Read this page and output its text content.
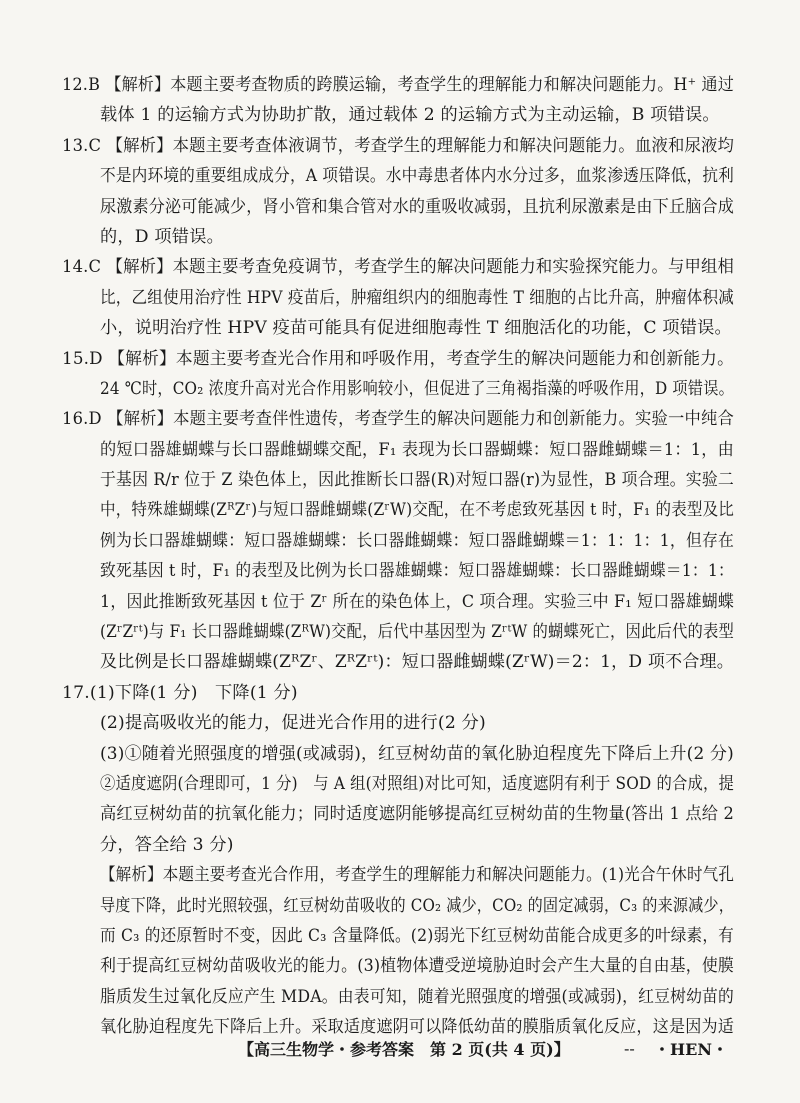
12.B 【解析】本题主要考查物质的跨膜运输，考查学生的理解能力和解决问题能力。H⁺ 通过
载体 1 的运输方式为协助扩散，通过载体 2 的运输方式为主动运输，B 项错误。
13.C 【解析】本题主要考查体液调节，考查学生的理解能力和解决问题能力。血液和尿液均
不是内环境的重要组成成分，A 项错误。水中毒患者体内水分过多，血浆渗透压降低，抗利
尿激素分泌可能减少，肾小管和集合管对水的重吸收减弱，且抗利尿激素是由下丘脑合成
的，D 项错误。
14.C 【解析】本题主要考查免疫调节，考查学生的解决问题能力和实验探究能力。与甲组相
比，乙组使用治疗性 HPV 疫苗后，肿瘤组织内的细胞毒性 T 细胞的占比升高，肿瘤体积减
小，说明治疗性 HPV 疫苗可能具有促进细胞毒性 T 细胞活化的功能，C 项错误。
15.D 【解析】本题主要考查光合作用和呼吸作用，考查学生的解决问题能力和创新能力。
24 ℃时，CO₂ 浓度升高对光合作用影响较小，但促进了三角褐指藻的呼吸作用，D 项错误。
16.D 【解析】本题主要考查伴性遗传，考查学生的解决问题能力和创新能力。实验一中纯合
的短口器雄蝴蝶与长口器雌蝴蝶交配，F₁ 表现为长口器蝴蝶：短口器雌蝴蝶＝1：1，由
于基因 R/r 位于 Z 染色体上，因此推断长口器(R)对短口器(r)为显性，B 项合理。实验二
中，特殊雄蝴蝶(ZᴿZʳ)与短口器雌蝴蝶(ZʳW)交配，在不考虑致死基因 t 时，F₁ 的表型及比
例为长口器雄蝴蝶：短口器雄蝴蝶：长口器雌蝴蝶：短口器雌蝴蝶＝1：1：1：1，但存在
致死基因 t 时，F₁ 的表型及比例为长口器雄蝴蝶：短口器雄蝴蝶：长口器雌蝴蝶＝1：1：
1，因此推断致死基因 t 位于 Zʳ 所在的染色体上，C 项合理。实验三中 F₁ 短口器雄蝴蝶
(ZʳZʳᵗ)与 F₁ 长口器雌蝴蝶(ZᴿW)交配，后代中基因型为 ZʳᵗW 的蝴蝶死亡，因此后代的表型
及比例是长口器雄蝴蝶(ZᴿZʳ、ZᴿZʳᵗ)：短口器雌蝴蝶(ZʳW)＝2：1，D 项不合理。
17.(1)下降(1 分)　下降(1 分)
(2)提高吸收光的能力，促进光合作用的进行(2 分)
(3)①随着光照强度的增强(或减弱)，红豆树幼苗的氧化胁迫程度先下降后上升(2 分)
②适度遮阴(合理即可，1 分)　与 A 组(对照组)对比可知，适度遮阴有利于 SOD 的合成，提
高红豆树幼苗的抗氧化能力；同时适度遮阴能够提高红豆树幼苗的生物量(答出 1 点给 2
分，答全给 3 分)
【解析】本题主要考查光合作用，考查学生的理解能力和解决问题能力。(1)光合午休时气孔
导度下降，此时光照较强，红豆树幼苗吸收的 CO₂ 减少，CO₂ 的固定减弱，C₃ 的来源减少，
而 C₃ 的还原暂时不变，因此 C₃ 含量降低。(2)弱光下红豆树幼苗能合成更多的叶绿素，有
利于提高红豆树幼苗吸收光的能力。(3)植物体遭受逆境胁迫时会产生大量的自由基，使膜
脂质发生过氧化反应产生 MDA。由表可知，随着光照强度的增强(或减弱)，红豆树幼苗的
氧化胁迫程度先下降后上升。采取适度遮阴可以降低幼苗的膜脂质氧化反应，这是因为适
【高三生物学・参考答案　第 2 页(共 4 页)】	-- ・HEN・
